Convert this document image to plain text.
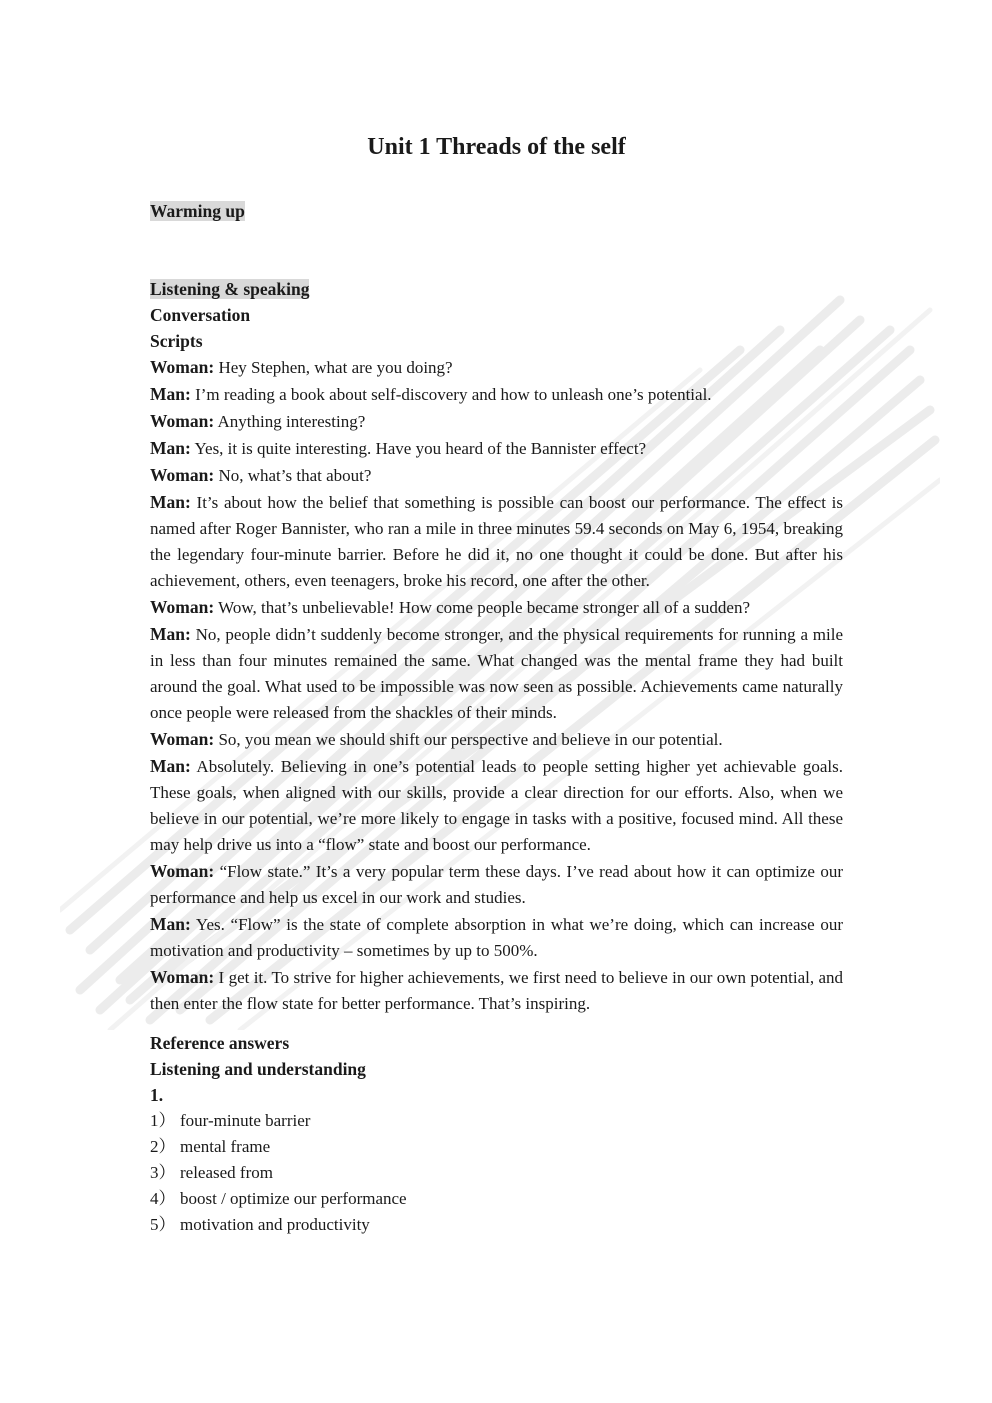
Unit 1 Threads of the self

Warming up

Listening & speaking

Conversation

Scripts

Woman: Hey Stephen, what are you doing?

Man: I’m reading a book about self-discovery and how to unleash one’s potential.

Woman: Anything interesting?

Man: Yes, it is quite interesting. Have you heard of the Bannister effect?

Woman: No, what’s that about?

Man: It’s about how the belief that something is possible can boost our performance. The effect is named after Roger Bannister, who ran a mile in three minutes 59.4 seconds on May 6, 1954, breaking the legendary four-minute barrier. Before he did it, no one thought it could be done. But after his achievement, others, even teenagers, broke his record, one after the other.

Woman: Wow, that’s unbelievable! How come people became stronger all of a sudden?

Man: No, people didn’t suddenly become stronger, and the physical requirements for running a mile in less than four minutes remained the same. What changed was the mental frame they had built around the goal. What used to be impossible was now seen as possible. Achievements came naturally once people were released from the shackles of their minds.

Woman: So, you mean we should shift our perspective and believe in our potential.

Man: Absolutely. Believing in one’s potential leads to people setting higher yet achievable goals. These goals, when aligned with our skills, provide a clear direction for our efforts. Also, when we believe in our potential, we’re more likely to engage in tasks with a positive, focused mind. All these may help drive us into a “flow” state and boost our performance.

Woman: “Flow state.” It’s a very popular term these days. I’ve read about how it can optimize our performance and help us excel in our work and studies.

Man: Yes. “Flow” is the state of complete absorption in what we’re doing, which can increase our motivation and productivity – sometimes by up to 500%.

Woman: I get it. To strive for higher achievements, we first need to believe in our own potential, and then enter the flow state for better performance. That’s inspiring.

Reference answers

Listening and understanding

1.

1） four-minute barrier
2） mental frame
3） released from
4） boost / optimize our performance
5） motivation and productivity
